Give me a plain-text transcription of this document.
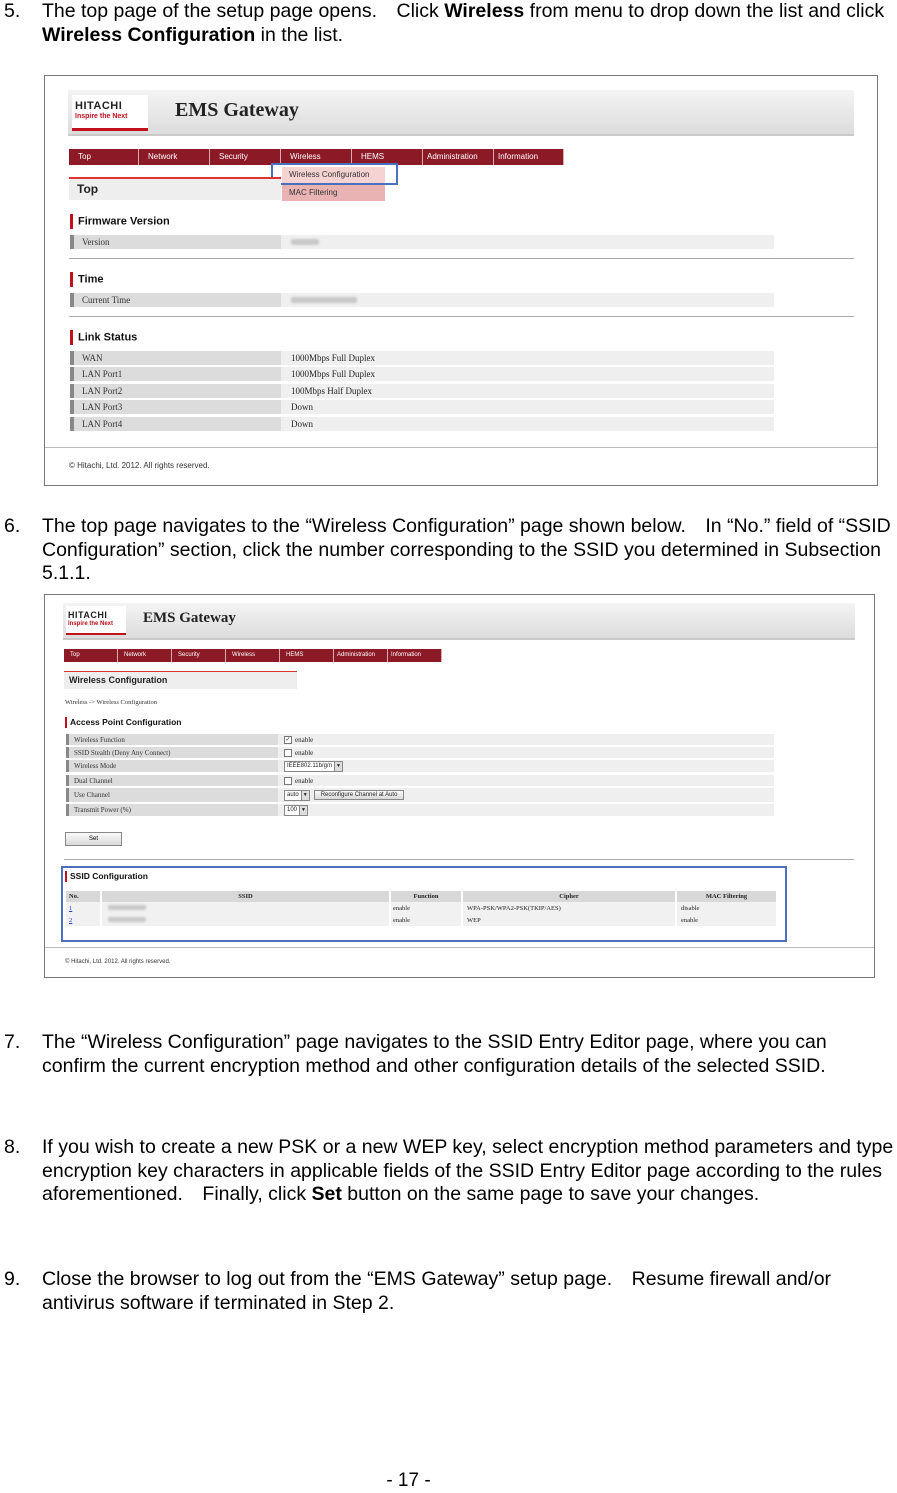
5. The top page of the setup page opens.　Click Wireless from menu to drop down the list and click Wireless Configuration in the list.
HITACHI
Inspire the Next EMS Gateway
Top	Network	Security	Wireless	HEMS	Administration	Information
Wireless Configuration
MAC Filtering
Top
Firmware Version
Version
Time
Current Time
Link Status
WAN	1000Mbps Full Duplex
LAN Port1	1000Mbps Full Duplex
LAN Port2	100Mbps Half Duplex
LAN Port3	Down
LAN Port4	Down
© Hitachi, Ltd. 2012. All rights reserved.
6. The top page navigates to the “Wireless Configuration” page shown below.　In “No.” field of “SSID Configuration” section, click the number corresponding to the SSID you determined in Subsection 5.1.1.
HITACHI
Inspire the Next EMS Gateway
Top	Network	Security	Wireless	HEMS	Administration	Information
Wireless Configuration
Wireless -> Wireless Configuration
Access Point Configuration
Wireless Function	✓ enable
SSID Stealth (Deny Any Connect)	enable
Wireless Mode	IEEE802.11b/g/n ▼
Dual Channel	enable
Use Channel	auto ▼	Reconfigure Channel at Auto
Transmit Power (%)	100 ▼
Set
SSID Configuration
No.	SSID	Function	Cipher	MAC Filtering
1		enable	WPA-PSK/WPA2-PSK(TKIP/AES)	disable
2		enable	WEP	enable
© Hitachi, Ltd. 2012. All rights reserved.
7. The “Wireless Configuration” page navigates to the SSID Entry Editor page, where you can confirm the current encryption method and other configuration details of the selected SSID.
8. If you wish to create a new PSK or a new WEP key, select encryption method parameters and type encryption key characters in applicable fields of the SSID Entry Editor page according to the rules aforementioned.　Finally, click Set button on the same page to save your changes.
9. Close the browser to log out from the “EMS Gateway” setup page.　Resume firewall and/or antivirus software if terminated in Step 2.
- 17 -
